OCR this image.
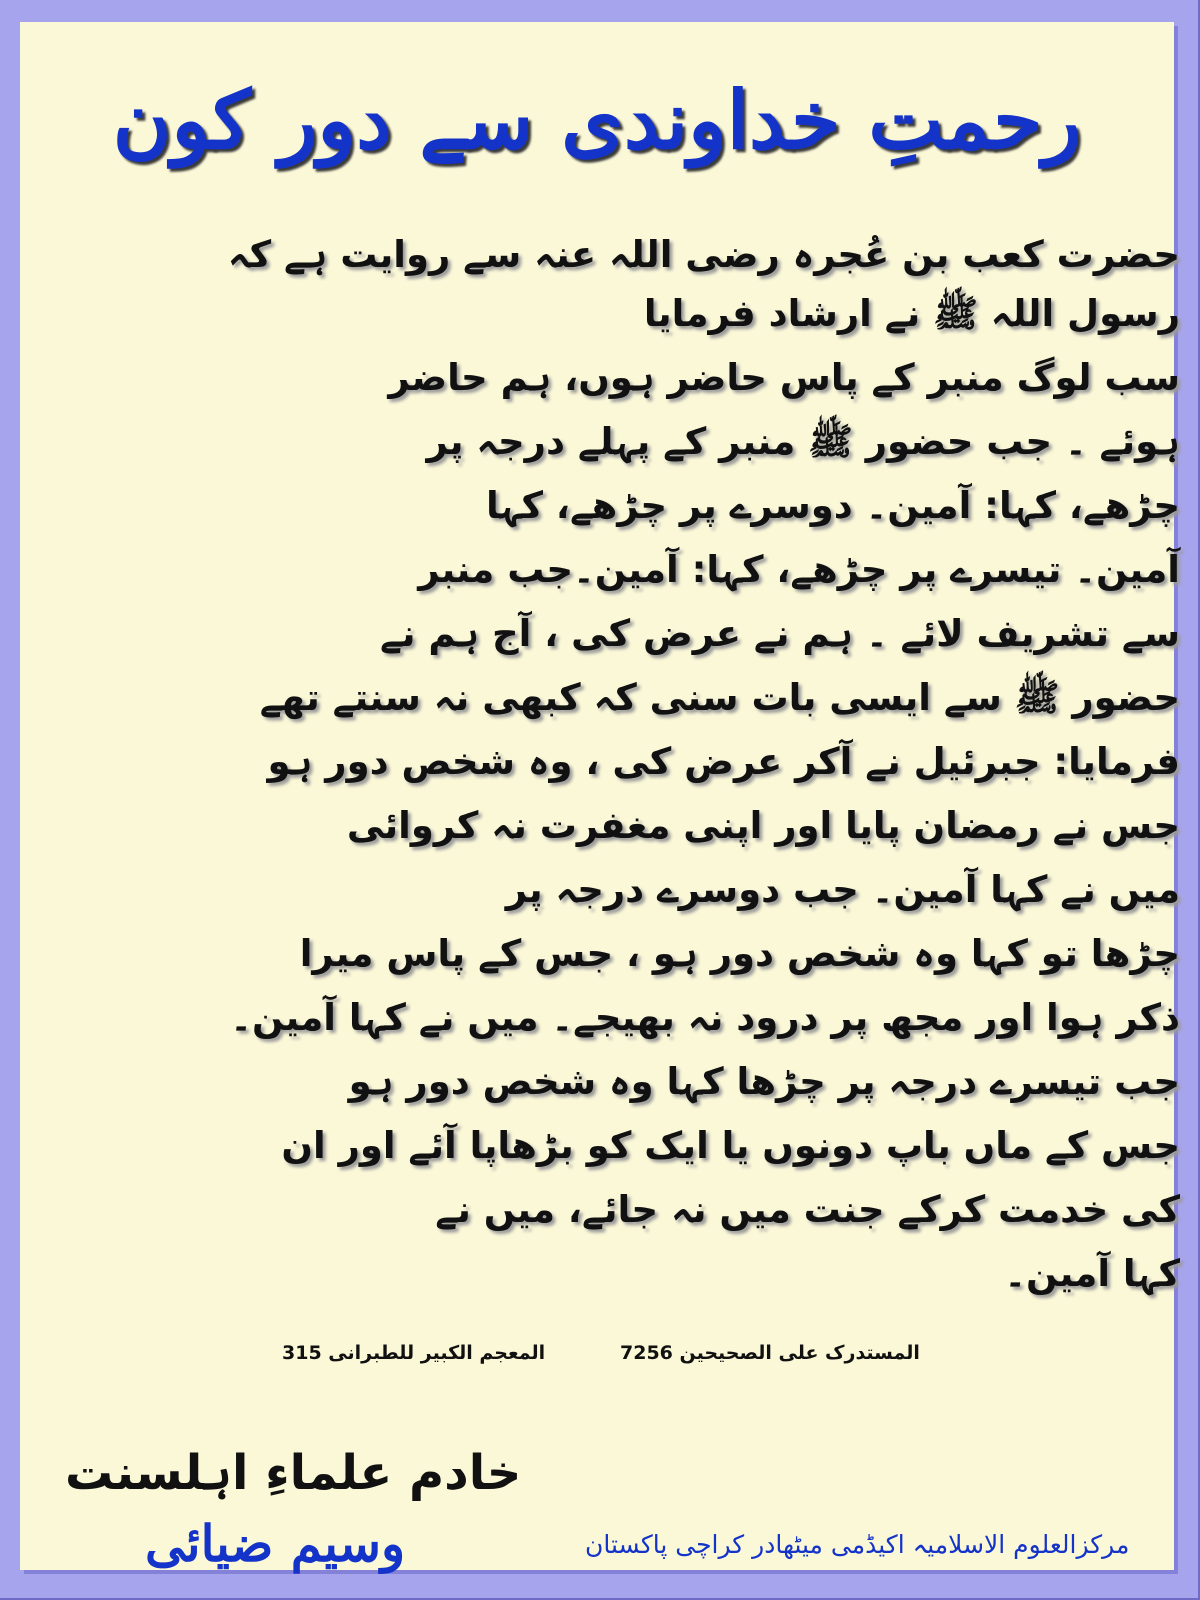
رحمتِ خداوندی سے دور کون
حضرت کعب بن عُجرہ رضی اللہ عنہ سے روایت ہے کہ
رسول اللہ ﷺ نے ارشاد فرمایا
سب لوگ منبر کے پاس حاضر ہوں، ہم حاضر
ہوئے ۔ جب حضور ﷺ منبر کے پہلے درجہ پر
چڑھے، کہا: آمین۔ دوسرے پر چڑھے، کہا
آمین۔ تیسرے پر چڑھے، کہا: آمین۔جب منبر
سے تشریف لائے ۔ ہم نے عرض کی ، آج ہم نے
حضور ﷺ سے ایسی بات سنی کہ کبھی نہ سنتے تھے
فرمایا: جبرئیل نے آکر عرض کی ، وہ شخص دور ہو
جس نے رمضان پایا اور اپنی مغفرت نہ کروائی
میں نے کہا آمین۔ جب دوسرے درجہ پر
چڑھا تو کہا وہ شخص دور ہو ، جس کے پاس میرا
ذکر ہوا اور مجھ پر درود نہ بھیجے۔ میں نے کہا آمین۔
جب تیسرے درجہ پر چڑھا کہا وہ شخص دور ہو
جس کے ماں باپ دونوں یا ایک کو بڑھاپا آئے اور ان
کی خدمت کرکے جنت میں نہ جائے، میں نے
کہا آمین۔
المستدرک علی الصحیحین 7256
المعجم الکبیر للطبرانی 315
خادم علماءِ اہلسنت
وسیم ضیائی	مرکزالعلوم الاسلامیہ اکیڈمی میٹھادر کراچی پاکستان
